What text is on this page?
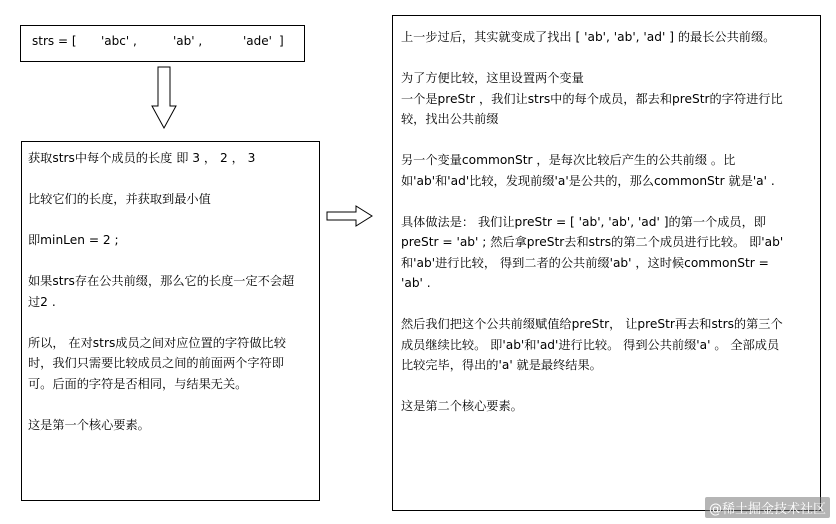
strs = [ 'abc' ,	'ab' ,	'ade' ]

获取strs中每个成员的长度 即 3 ， 2 ， 3

比较它们的长度，并获取到最小值

即minLen = 2 ;

如果strs存在公共前缀，那么它的长度一定不会超

过2 .

所以， 在对strs成员之间对应位置的字符做比较

时，我们只需要比较成员之间的前面两个字符即

可。后面的字符是否相同，与结果无关。

这是第一个核心要素。

上一步过后，其实就变成了找出 [ 'ab', 'ab', 'ad' ] 的最长公共前缀。

为了方便比较，这里设置两个变量

一个是preStr ，我们让strs中的每个成员，都去和preStr的字符进行比

较，找出公共前缀

另一个变量commonStr ，是每次比较后产生的公共前缀 。比

如'ab'和'ad'比较，发现前缀'a'是公共的，那么commonStr 就是'a' .

具体做法是： 我们让preStr = [ 'ab', 'ab', 'ad' ]的第一个成员，即

preStr = 'ab' ; 然后拿preStr去和strs的第二个成员进行比较。 即'ab'

和'ab'进行比较， 得到二者的公共前缀'ab' ，这时候commonStr =

'ab' .

然后我们把这个公共前缀赋值给preStr， 让preStr再去和strs的第三个

成员继续比较。 即'ab'和'ad'进行比较。 得到公共前缀'a' 。 全部成员

比较完毕，得出的'a' 就是最终结果。

这是第二个核心要素。

@稀土掘金技术社区
